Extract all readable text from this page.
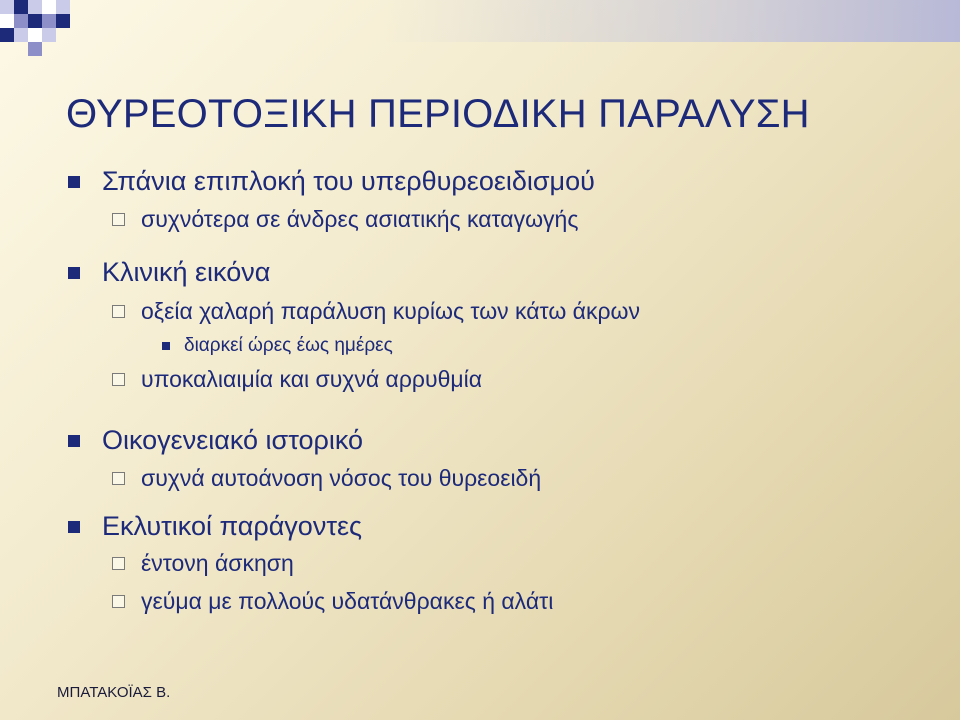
ΘΥΡΕΟΤΟΞΙΚΗ ΠΕΡΙΟΔΙΚΗ ΠΑΡΑΛΥΣΗ
Σπάνια επιπλοκή του υπερθυρεοειδισμού
συχνότερα σε άνδρες ασιατικής καταγωγής
Κλινική εικόνα
οξεία χαλαρή παράλυση κυρίως των κάτω άκρων
διαρκεί ώρες έως ημέρες
υποκαλιαιμία και συχνά αρρυθμία
Οικογενειακό ιστορικό
συχνά αυτοάνοση νόσος του θυρεοειδή
Εκλυτικοί παράγοντες
έντονη άσκηση
γεύμα με πολλούς υδατάνθρακες ή αλάτι
ΜΠΑΤΑΚΟΪΑΣ Β.
